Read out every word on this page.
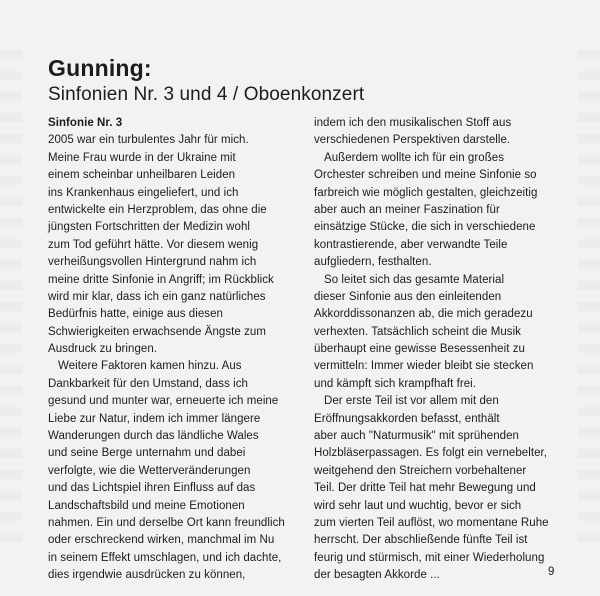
Gunning:
Sinfonien Nr. 3 und 4 / Oboenkonzert
Sinfonie Nr. 3
2005 war ein turbulentes Jahr für mich.
Meine Frau wurde in der Ukraine mit
einem scheinbar unheilbaren Leiden
ins Krankenhaus eingeliefert, und ich
entwickelte ein Herzproblem, das ohne die
jüngsten Fortschritten der Medizin wohl
zum Tod geführt hätte. Vor diesem wenig
verheißungsvollen Hintergrund nahm ich
meine dritte Sinfonie in Angriff; im Rückblick
wird mir klar, dass ich ein ganz natürliches
Bedürfnis hatte, einige aus diesen
Schwierigkeiten erwachsende Ängste zum
Ausdruck zu bringen.
Weitere Faktoren kamen hinzu. Aus
Dankbarkeit für den Umstand, dass ich
gesund und munter war, erneuerte ich meine
Liebe zur Natur, indem ich immer längere
Wanderungen durch das ländliche Wales
und seine Berge unternahm und dabei
verfolgte, wie die Wetterveränderungen
und das Lichtspiel ihren Einfluss auf das
Landschaftsbild und meine Emotionen
nahmen. Ein und derselbe Ort kann freundlich
oder erschreckend wirken, manchmal im Nu
in seinem Effekt umschlagen, und ich dachte,
dies irgendwie ausdrücken zu können,
indem ich den musikalischen Stoff aus
verschiedenen Perspektiven darstelle.
Außerdem wollte ich für ein großes
Orchester schreiben und meine Sinfonie so
farbreich wie möglich gestalten, gleichzeitig
aber auch an meiner Faszination für
einsätzige Stücke, die sich in verschiedene
kontrastierende, aber verwandte Teile
aufgliedern, festhalten.
So leitet sich das gesamte Material
dieser Sinfonie aus den einleitenden
Akkorddissonanzen ab, die mich geradezu
verhexten. Tatsächlich scheint die Musik
überhaupt eine gewisse Besessenheit zu
vermitteln: Immer wieder bleibt sie stecken
und kämpft sich krampfhaft frei.
Der erste Teil ist vor allem mit den
Eröffnungsakkorden befasst, enthält
aber auch "Naturmusik" mit sprühenden
Holzbläserpassagen. Es folgt ein vernebelter,
weitgehend den Streichern vorbehaltener
Teil. Der dritte Teil hat mehr Bewegung und
wird sehr laut und wuchtig, bevor er sich
zum vierten Teil auflöst, wo momentane Ruhe
herrscht. Der abschließende fünfte Teil ist
feurig und stürmisch, mit einer Wiederholung
der besagten Akkorde ...	9
